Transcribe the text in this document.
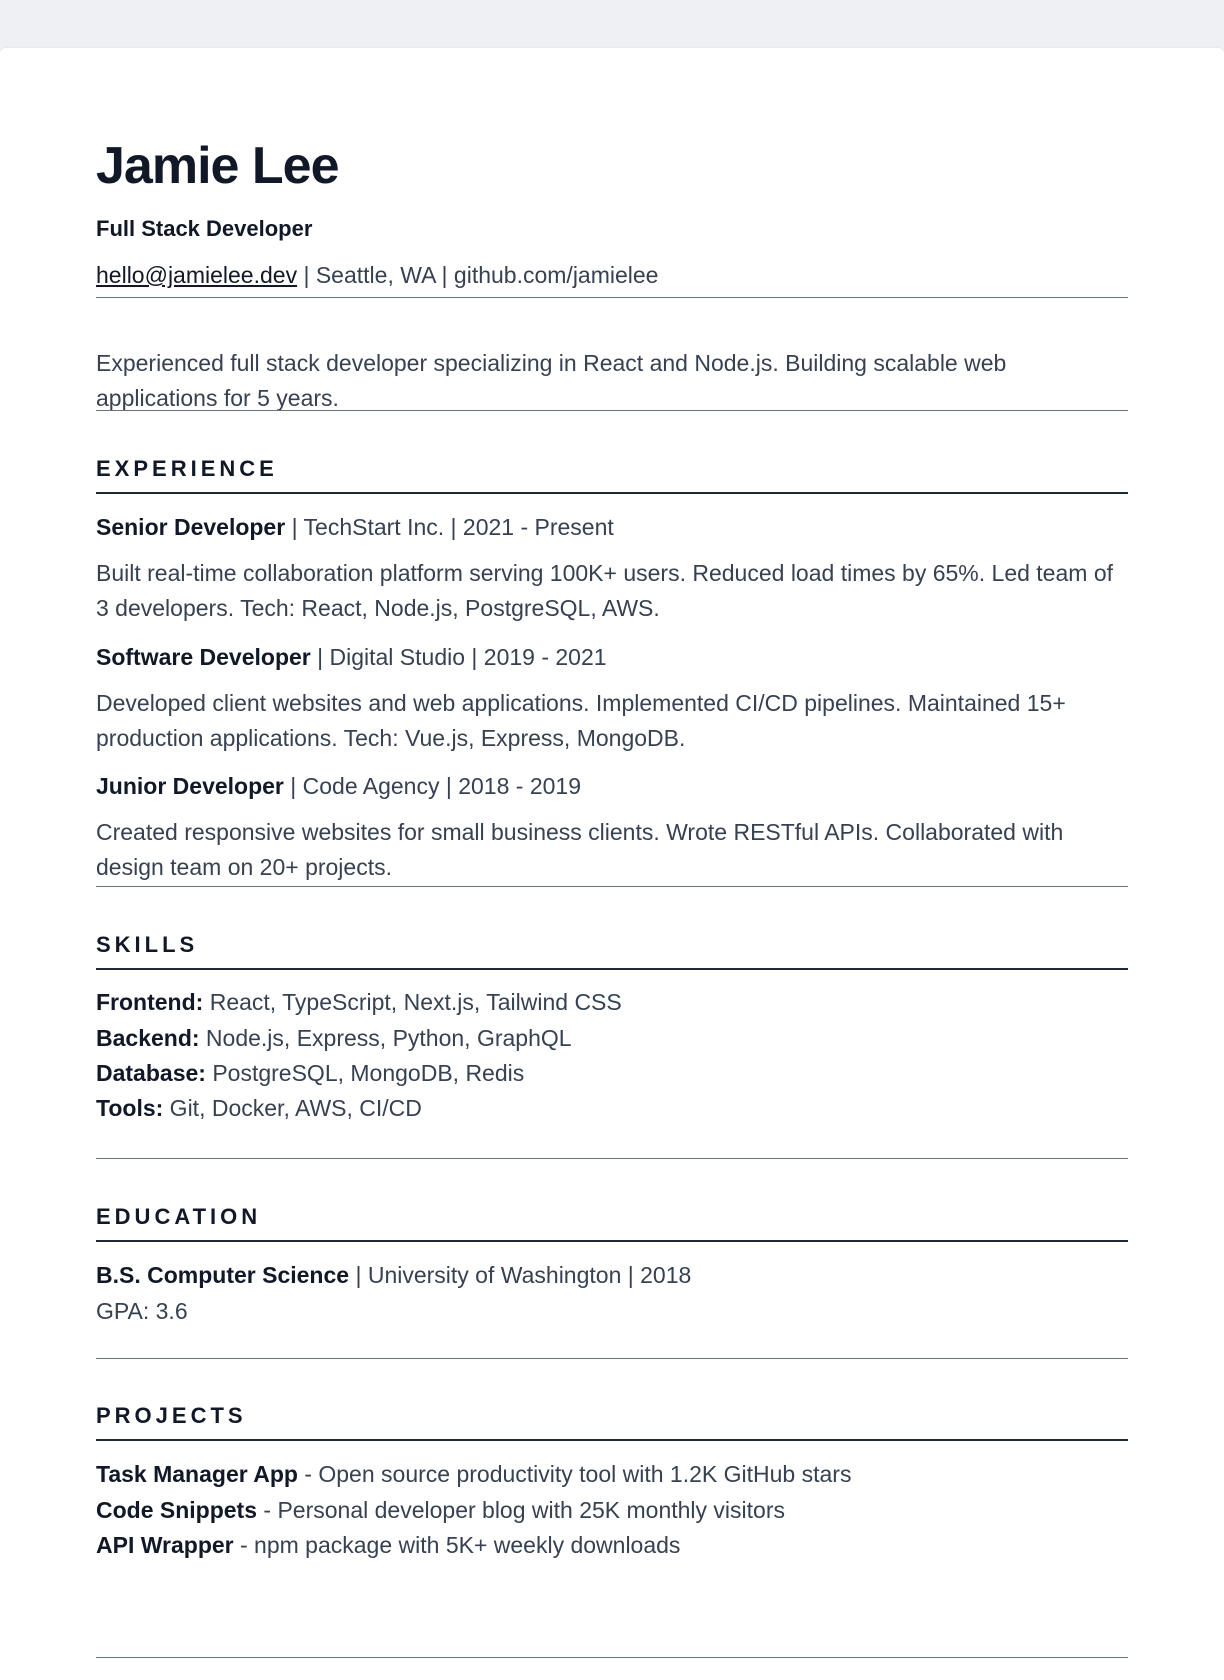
Jamie Lee
Full Stack Developer
hello@jamielee.dev | Seattle, WA | github.com/jamielee
Experienced full stack developer specializing in React and Node.js. Building scalable web applications for 5 years.
EXPERIENCE
Senior Developer | TechStart Inc. | 2021 - Present
Built real-time collaboration platform serving 100K+ users. Reduced load times by 65%. Led team of 3 developers. Tech: React, Node.js, PostgreSQL, AWS.
Software Developer | Digital Studio | 2019 - 2021
Developed client websites and web applications. Implemented CI/CD pipelines. Maintained 15+ production applications. Tech: Vue.js, Express, MongoDB.
Junior Developer | Code Agency | 2018 - 2019
Created responsive websites for small business clients. Wrote RESTful APIs. Collaborated with design team on 20+ projects.
SKILLS
Frontend: React, TypeScript, Next.js, Tailwind CSS
Backend: Node.js, Express, Python, GraphQL
Database: PostgreSQL, MongoDB, Redis
Tools: Git, Docker, AWS, CI/CD
EDUCATION
B.S. Computer Science | University of Washington | 2018
GPA: 3.6
PROJECTS
Task Manager App - Open source productivity tool with 1.2K GitHub stars
Code Snippets - Personal developer blog with 25K monthly visitors
API Wrapper - npm package with 5K+ weekly downloads
